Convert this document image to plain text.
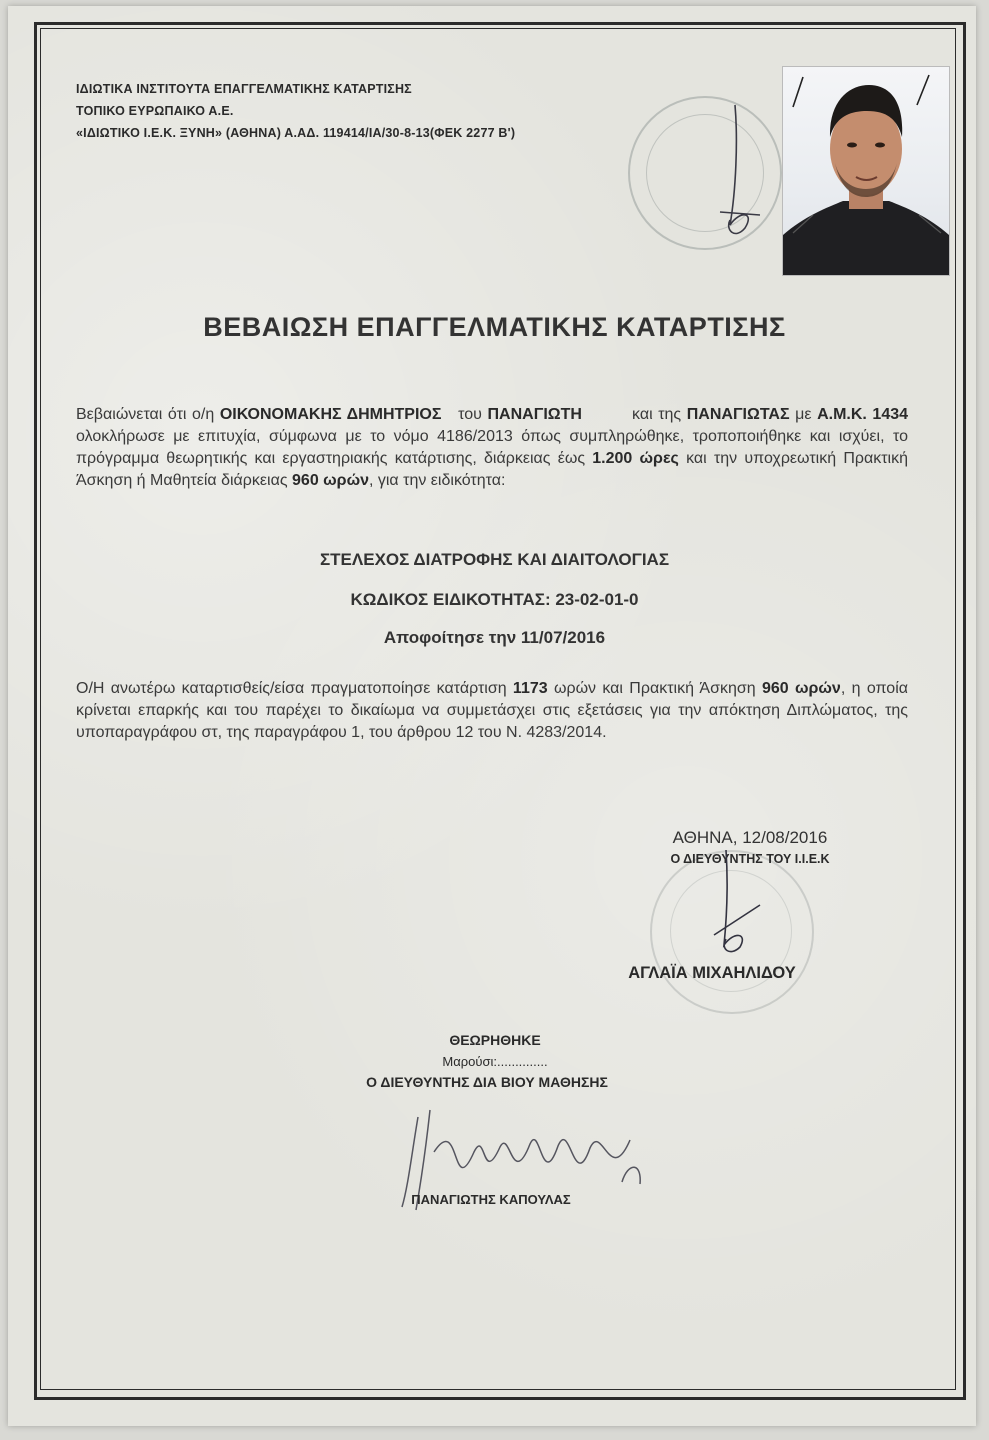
ΙΔΙΩΤΙΚΑ ΙΝΣΤΙΤΟΥΤΑ ΕΠΑΓΓΕΛΜΑΤΙΚΗΣ ΚΑΤΑΡΤΙΣΗΣ
ΤΟΠΙΚΟ ΕΥΡΩΠΑΙΚΟ Α.Ε.
«ΙΔΙΩΤΙΚΟ Ι.Ε.Κ. ΞΥΝΗ» (ΑΘΗΝΑ) Α.ΑΔ. 119414/ΙΑ/30-8-13(ΦΕΚ 2277 Β')
ΒΕΒΑΙΩΣΗ ΕΠΑΓΓΕΛΜΑΤΙΚΗΣ ΚΑΤΑΡΤΙΣΗΣ
Βεβαιώνεται ότι ο/η ΟΙΚΟΝΟΜΑΚΗΣ ΔΗΜΗΤΡΙΟΣ του ΠΑΝΑΓΙΩΤΗ	και της ΠΑΝΑΓΙΩΤΑΣ με Α.Μ.Κ. 1434 ολοκλήρωσε με επιτυχία, σύμφωνα με το νόμο 4186/2013 όπως συμπληρώθηκε, τροποποιήθηκε και ισχύει, το πρόγραμμα θεωρητικής και εργαστηριακής κατάρτισης, διάρκειας έως 1.200 ώρες και την υποχρεωτική Πρακτική Άσκηση ή Μαθητεία διάρκειας 960 ωρών, για την ειδικότητα:
ΣΤΕΛΕΧΟΣ ΔΙΑΤΡΟΦΗΣ ΚΑΙ ΔΙΑΙΤΟΛΟΓΙΑΣ
ΚΩΔΙΚΟΣ ΕΙΔΙΚΟΤΗΤΑΣ: 23-02-01-0
Αποφοίτησε την 11/07/2016
Ο/Η ανωτέρω καταρτισθείς/είσα πραγματοποίησε κατάρτιση 1173 ωρών και Πρακτική Άσκηση 960 ωρών, η οποία κρίνεται επαρκής και του παρέχει το δικαίωμα να συμμετάσχει στις εξετάσεις για την απόκτηση Διπλώματος, της υποπαραγράφου στ, της παραγράφου 1, του άρθρου 12 του Ν. 4283/2014.
ΑΘΗΝΑ, 12/08/2016
Ο ΔΙΕΥΘΥΝΤΗΣ ΤΟΥ Ι.Ι.Ε.Κ
ΑΓΛΑΪΑ ΜΙΧΑΗΛΙΔΟΥ
ΘΕΩΡΗΘΗΚΕ
Μαρούσι:..............
Ο ΔΙΕΥΘΥΝΤΗΣ ΔΙΑ ΒΙΟΥ ΜΑΘΗΣΗΣ
ΠΑΝΑΓΙΩΤΗΣ ΚΑΠΟΥΛΑΣ
